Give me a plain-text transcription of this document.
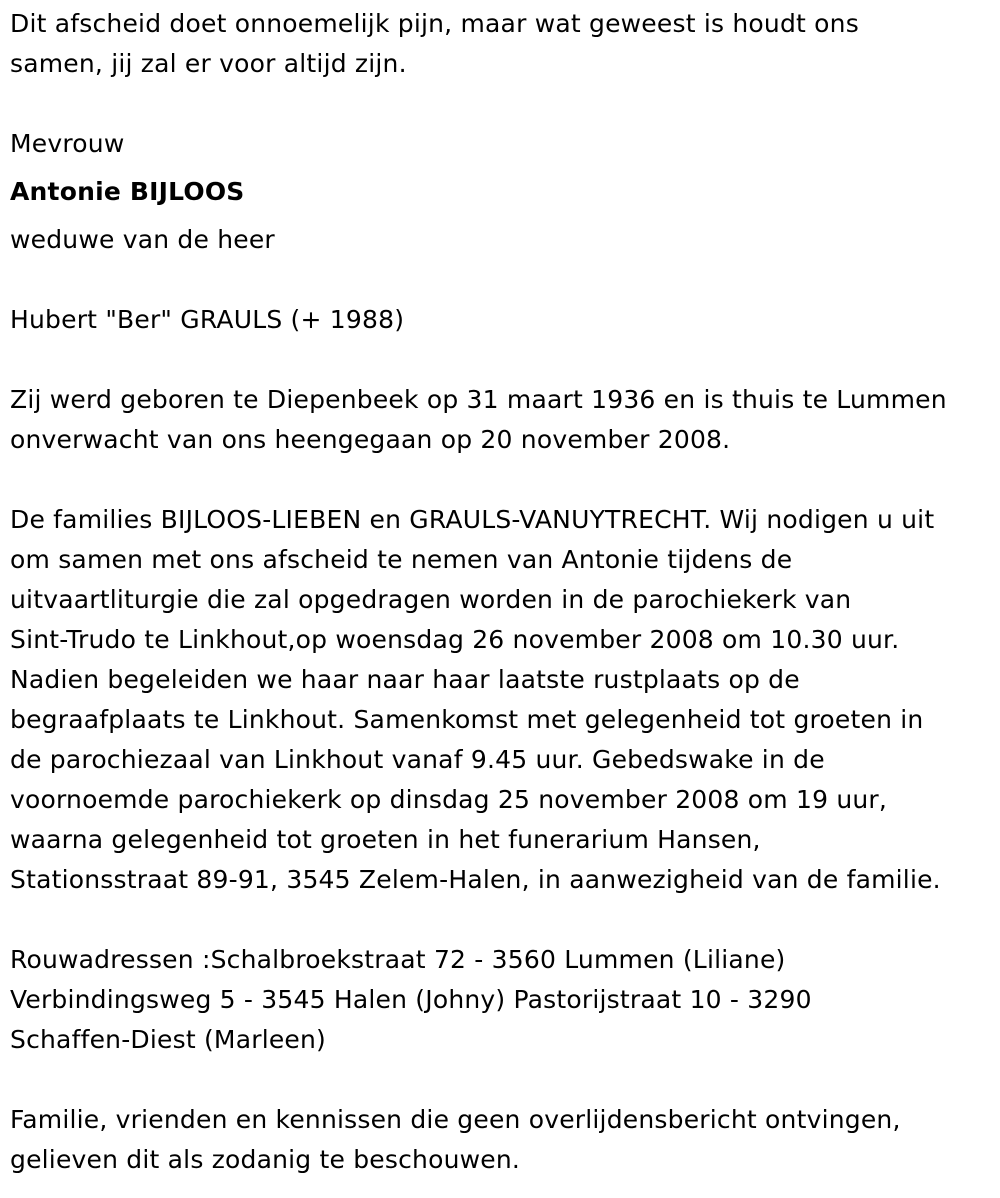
Dit afscheid doet onnoemelijk pijn, maar wat geweest is houdt ons
samen, jij zal er voor altijd zijn.

Mevrouw

Antonie BIJLOOS

weduwe van de heer

Hubert "Ber" GRAULS (+ 1988)

Zij werd geboren te Diepenbeek op 31 maart 1936 en is thuis te Lummen
onverwacht van ons heengegaan op 20 november 2008.

De families BIJLOOS-LIEBEN en GRAULS-VANUYTRECHT. Wij nodigen u uit
om samen met ons afscheid te nemen van Antonie tijdens de
uitvaartliturgie die zal opgedragen worden in de parochiekerk van
Sint-Trudo te Linkhout,op woensdag 26 november 2008 om 10.30 uur.
Nadien begeleiden we haar naar haar laatste rustplaats op de
begraafplaats te Linkhout. Samenkomst met gelegenheid tot groeten in
de parochiezaal van Linkhout vanaf 9.45 uur. Gebedswake in de
voornoemde parochiekerk op dinsdag 25 november 2008 om 19 uur,
waarna gelegenheid tot groeten in het funerarium Hansen,
Stationsstraat 89-91, 3545 Zelem-Halen, in aanwezigheid van de familie.

Rouwadressen :Schalbroekstraat 72 - 3560 Lummen (Liliane)
Verbindingsweg 5 - 3545 Halen (Johny) Pastorijstraat 10 - 3290
Schaffen-Diest (Marleen)

Familie, vrienden en kennissen die geen overlijdensbericht ontvingen,
gelieven dit als zodanig te beschouwen.
